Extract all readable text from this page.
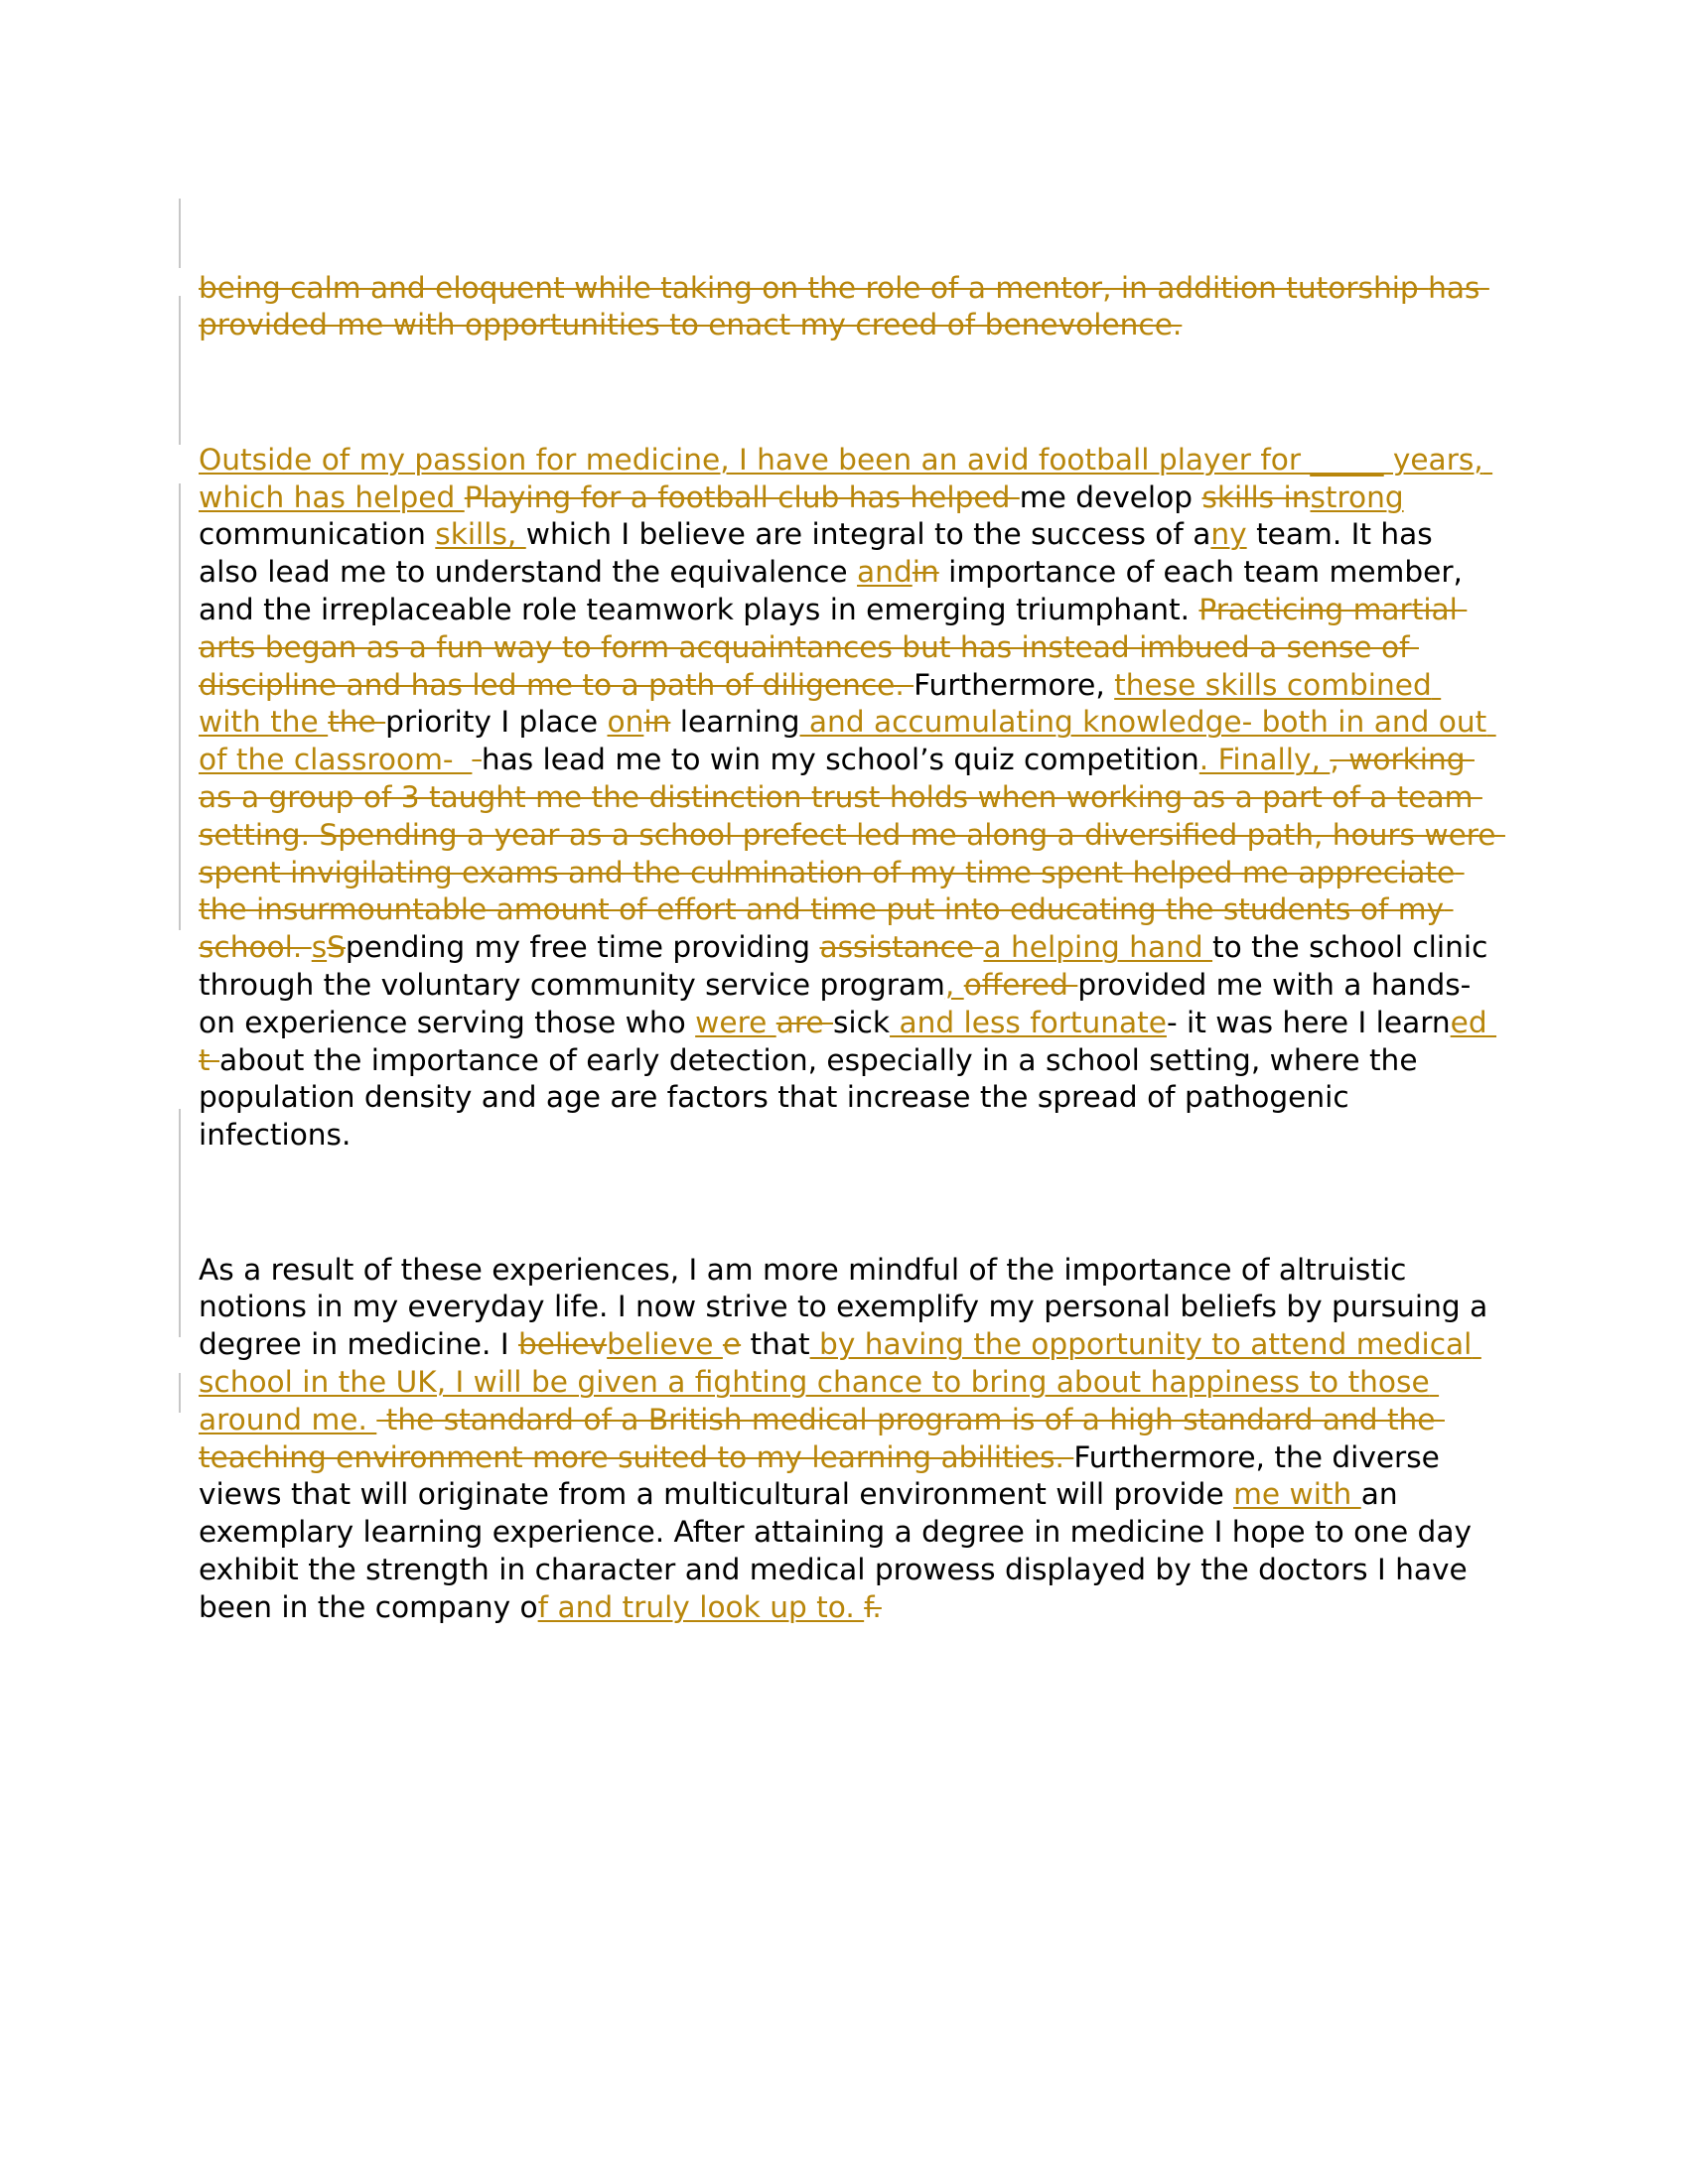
being calm and eloquent while taking on the role of a mentor, in addition tutorship has provided me with opportunities to enact my creed of benevolence.

Outside of my passion for medicine, I have been an avid football player for _____ years, which has helped Playing for a football club has helped me develop skills instrong communication skills, which I believe are integral to the success of any team. It has also lead me to understand the equivalence andin importance of each team member, and the irreplaceable role teamwork plays in emerging triumphant. Practicing martial arts began as a fun way to form acquaintances but has instead imbued a sense of discipline and has led me to a path of diligence. Furthermore, these skills combined with the the priority I place onin learning and accumulating knowledge- both in and out of the classroom-   has lead me to win my school’s quiz competition. Finally, , working as a group of 3 taught me the distinction trust holds when working as a part of a team setting. Spending a year as a school prefect led me along a diversified path, hours were spent invigilating exams and the culmination of my time spent helped me appreciate the insurmountable amount of effort and time put into educating the students of my school. sSpending my free time providing assistance a helping hand to the school clinic through the voluntary community service program, offered provided me with a hands-on experience serving those who were are sick and less fortunate- it was here I learned t about the importance of early detection, especially in a school setting, where the population density and age are factors that increase the spread of pathogenic infections.

As a result of these experiences, I am more mindful of the importance of altruistic notions in my everyday life. I now strive to exemplify my personal beliefs by pursuing a degree in medicine. I believbelieve e that by having the opportunity to attend medical school in the UK, I will be given a fighting chance to bring about happiness to those around me.  the standard of a British medical program is of a high standard and the teaching environment more suited to my learning abilities. Furthermore, the diverse views that will originate from a multicultural environment will provide me with an exemplary learning experience. After attaining a degree in medicine I hope to one day exhibit the strength in character and medical prowess displayed by the doctors I have been in the company of and truly look up to. f.
